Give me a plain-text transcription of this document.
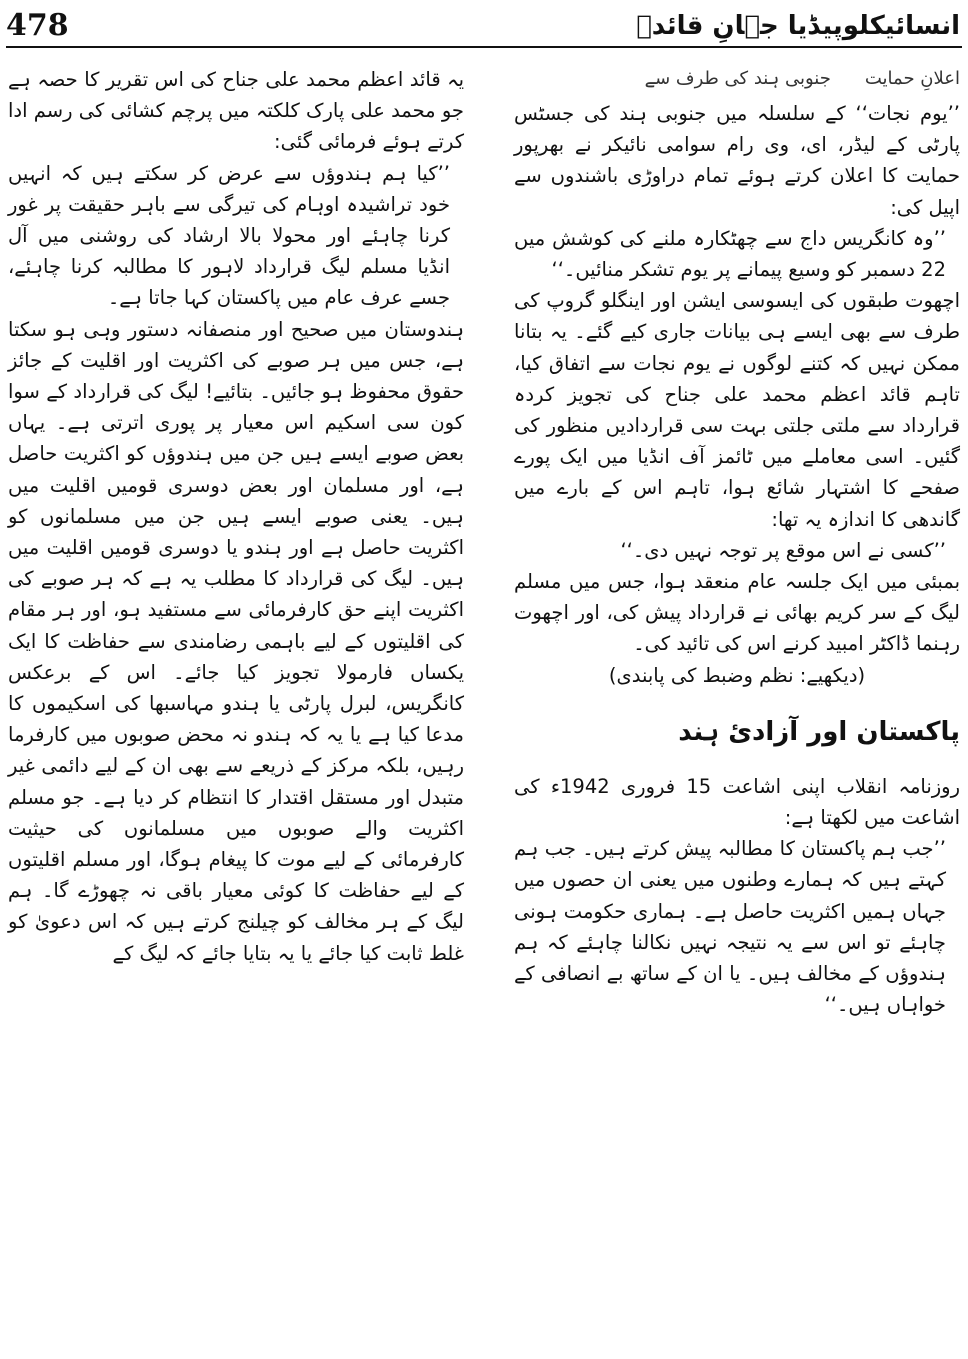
478	انسائیکلوپیڈیا جہانِ قائدؒ
اعلانِ حمایت
جنوبی ہند کی طرف سے

’’یوم نجات‘‘ کے سلسلہ میں جنوبی ہند کی جسٹس پارٹی کے لیڈر، ای، وی رام سوامی نائیکر نے بھرپور حمایت کا اعلان کرتے ہوئے تمام دراوڑی باشندوں سے اپیل کی:

’’وہ کانگریس داج سے چھٹکارہ ملنے کی کوشش میں 22 دسمبر کو وسیع پیمانے پر یوم تشکر منائیں۔‘‘

اچھوت طبقوں کی ایسوسی ایشن اور اینگلو گروپ کی طرف سے بھی ایسے ہی بیانات جاری کیے گئے۔ یہ بتانا ممکن نہیں کہ کتنے لوگوں نے یوم نجات سے اتفاق کیا، تاہم قائد اعظم محمد علی جناح کی تجویز کردہ قرارداد سے ملتی جلتی بہت سی قراردادیں منظور کی گئیں۔ اسی معاملے میں ٹائمز آف انڈیا میں ایک پورے صفحے کا اشتہار شائع ہوا، تاہم اس کے بارے میں گاندھی کا اندازہ یہ تھا:

’’کسی نے اس موقع پر توجہ نہیں دی۔‘‘

بمبئی میں ایک جلسہ عام منعقد ہوا، جس میں مسلم لیگ کے سر کریم بھائی نے قرارداد پیش کی، اور اچھوت رہنما ڈاکٹر امبید کرنے اس کی تائید کی۔

(دیکھیے: نظم وضبط کی پابندی)

پاکستان اور آزادئ ہند

روزنامہ انقلاب اپنی اشاعت 15 فروری 1942ء کی اشاعت میں لکھتا ہے:

’’جب ہم پاکستان کا مطالبہ پیش کرتے ہیں۔ جب ہم کہتے ہیں کہ ہمارے وطنوں میں یعنی ان حصوں میں جہاں ہمیں اکثریت حاصل ہے۔ ہماری حکومت ہونی چاہئے تو اس سے یہ نتیجہ نہیں نکالنا چاہئے کہ ہم ہندوؤں کے مخالف ہیں۔ یا ان کے ساتھ بے انصافی کے خواہاں ہیں۔‘‘

یہ قائد اعظم محمد علی جناح کی اس تقریر کا حصہ ہے جو محمد علی پارک کلکتہ میں پرچم کشائی کی رسم ادا کرتے ہوئے فرمائی گئی:

’’کیا ہم ہندوؤں سے عرض کر سکتے ہیں کہ انہیں خود تراشیدہ اوہام کی تیرگی سے باہر حقیقت پر غور کرنا چاہئے اور محولا بالا ارشاد کی روشنی میں آل انڈیا مسلم لیگ قرارداد لاہور کا مطالبہ کرنا چاہئے، جسے عرف عام میں پاکستان کہا جاتا ہے۔

ہندوستان میں صحیح اور منصفانہ دستور وہی ہو سکتا ہے، جس میں ہر صوبے کی اکثریت اور اقلیت کے جائز حقوق محفوظ ہو جائیں۔ بتائیے! لیگ کی قرارداد کے سوا کون سی اسکیم اس معیار پر پوری اترتی ہے۔ یہاں بعض صوبے ایسے ہیں جن میں ہندوؤں کو اکثریت حاصل ہے، اور مسلمان اور بعض دوسری قومیں اقلیت میں ہیں۔ یعنی صوبے ایسے ہیں جن میں مسلمانوں کو اکثریت حاصل ہے اور ہندو یا دوسری قومیں اقلیت میں ہیں۔ لیگ کی قرارداد کا مطلب یہ ہے کہ ہر صوبے کی اکثریت اپنے حق کارفرمائی سے مستفید ہو، اور ہر مقام کی اقلیتوں کے لیے باہمی رضامندی سے حفاظت کا ایک یکساں فارمولا تجویز کیا جائے۔ اس کے برعکس کانگریس، لبرل پارٹی یا ہندو مہاسبھا کی اسکیموں کا مدعا کیا ہے یا یہ کہ ہندو نہ محض صوبوں میں کارفرما رہیں، بلکہ مرکز کے ذریعے سے بھی ان کے لیے دائمی غیر متبدل اور مستقل اقتدار کا انتظام کر دیا ہے۔ جو مسلم اکثریت والے صوبوں میں مسلمانوں کی حیثیت کارفرمائی کے لیے موت کا پیغام ہوگا، اور مسلم اقلیتوں کے لیے حفاظت کا کوئی معیار باقی نہ چھوڑے گا۔ ہم لیگ کے ہر مخالف کو چیلنج کرتے ہیں کہ اس دعویٰ کو غلط ثابت کیا جائے یا یہ بتایا جائے کہ لیگ کے
